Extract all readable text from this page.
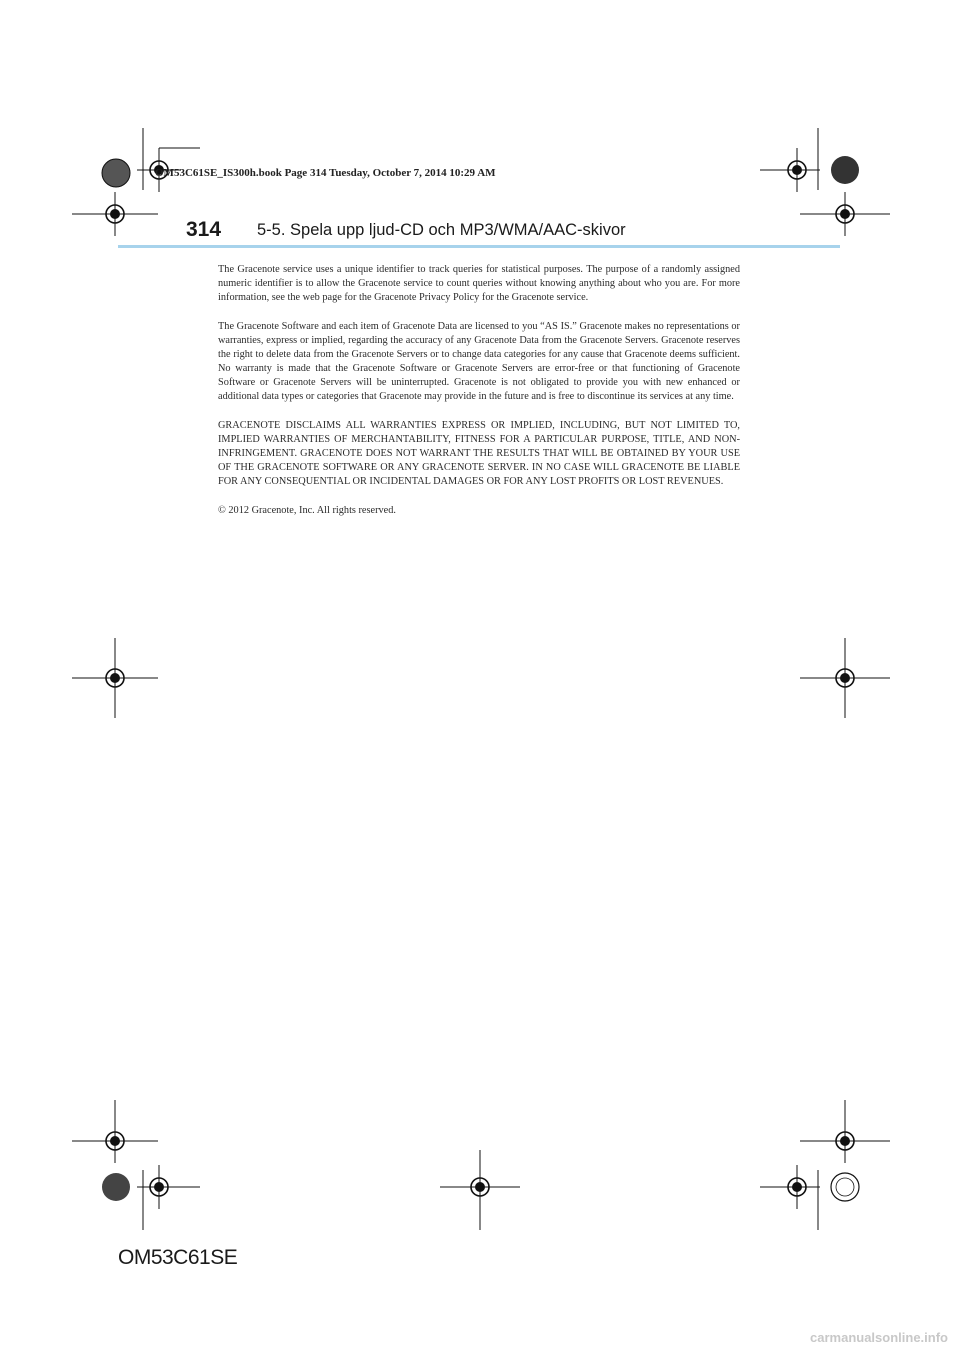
OM53C61SE_IS300h.book Page 314 Tuesday, October 7, 2014 10:29 AM
314 5-5. Spela upp ljud-CD och MP3/WMA/AAC-skivor

The Gracenote service uses a unique identifier to track queries for statistical purposes. The purpose of a randomly assigned numeric identifier is to allow the Gracenote service to count queries without knowing anything about who you are. For more information, see the web page for the Gracenote Privacy Policy for the Gracenote service.

The Gracenote Software and each item of Gracenote Data are licensed to you “AS IS.” Gracenote makes no representations or warranties, express or implied, regarding the accuracy of any Gracenote Data from the Gracenote Servers. Gracenote reserves the right to delete data from the Gracenote Servers or to change data categories for any cause that Gracenote deems sufficient. No warranty is made that the Gracenote Software or Gracenote Servers are error-free or that functioning of Gracenote Software or Gracenote Servers will be uninterrupted. Gracenote is not obligated to provide you with new enhanced or additional data types or categories that Gracenote may provide in the future and is free to discontinue its services at any time.

GRACENOTE DISCLAIMS ALL WARRANTIES EXPRESS OR IMPLIED, INCLUDING, BUT NOT LIMITED TO, IMPLIED WARRANTIES OF MERCHANTABILITY, FITNESS FOR A PARTICULAR PURPOSE, TITLE, AND NON-INFRINGEMENT. GRACENOTE DOES NOT WARRANT THE RESULTS THAT WILL BE OBTAINED BY YOUR USE OF THE GRACENOTE SOFTWARE OR ANY GRACENOTE SERVER. IN NO CASE WILL GRACENOTE BE LIABLE FOR ANY CONSEQUENTIAL OR INCIDENTAL DAMAGES OR FOR ANY LOST PROFITS OR LOST REVENUES.

© 2012 Gracenote, Inc. All rights reserved.

OM53C61SE
carmanualsonline.info
